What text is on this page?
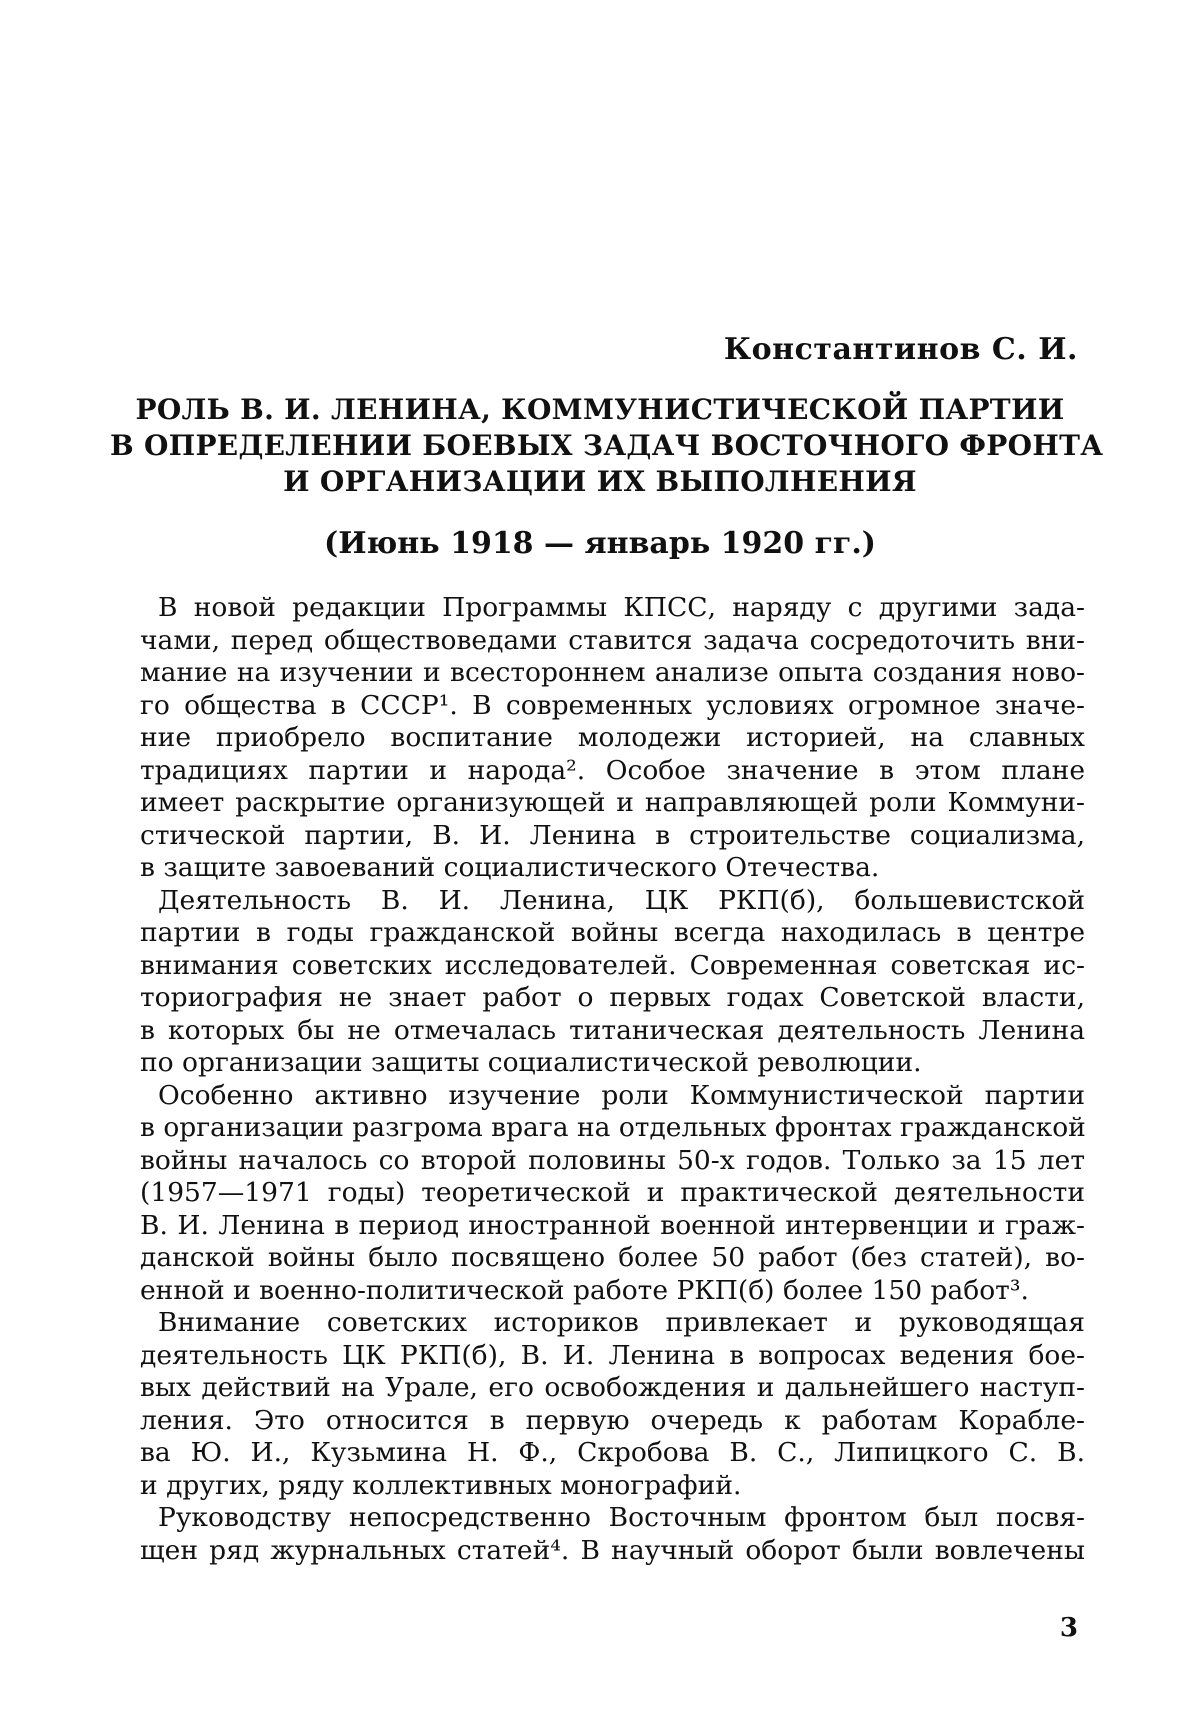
Константинов С. И.
РОЛЬ В. И. ЛЕНИНА, КОММУНИСТИЧЕСКОЙ ПАРТИИ
В ОПРЕДЕЛЕНИИ БОЕВЫХ ЗАДАЧ ВОСТОЧНОГО ФРОНТА
И ОРГАНИЗАЦИИ ИХ ВЫПОЛНЕНИЯ
(Июнь 1918 — январь 1920 гг.)
В новой редакции Программы КПСС, наряду с другими зада-
чами, перед обществоведами ставится задача сосредоточить вни-
мание на изучении и всестороннем анализе опыта создания ново-
го общества в СССР¹. В современных условиях огромное значе-
ние приобрело воспитание молодежи историей, на славных
традициях партии и народа². Особое значение в этом плане
имеет раскрытие организующей и направляющей роли Коммуни-
стической партии, В. И. Ленина в строительстве социализма,
в защите завоеваний социалистического Отечества.
Деятельность В. И. Ленина, ЦК РКП(б), большевистской
партии в годы гражданской войны всегда находилась в центре
внимания советских исследователей. Современная советская ис-
ториография не знает работ о первых годах Советской власти,
в которых бы не отмечалась титаническая деятельность Ленина
по организации защиты социалистической революции.
Особенно активно изучение роли Коммунистической партии
в организации разгрома врага на отдельных фронтах гражданской
войны началось со второй половины 50-х годов. Только за 15 лет
(1957—1971 годы) теоретической и практической деятельности
В. И. Ленина в период иностранной военной интервенции и граж-
данской войны было посвящено более 50 работ (без статей), во-
енной и военно-политической работе РКП(б) более 150 работ³.
Внимание советских историков привлекает и руководящая
деятельность ЦК РКП(б), В. И. Ленина в вопросах ведения бое-
вых действий на Урале, его освобождения и дальнейшего наступ-
ления. Это относится в первую очередь к работам Корабле-
ва Ю. И., Кузьмина Н. Ф., Скробова В. С., Липицкого С. В.
и других, ряду коллективных монографий.
Руководству непосредственно Восточным фронтом был посвя-
щен ряд журнальных статей⁴. В научный оборот были вовлечены
3
